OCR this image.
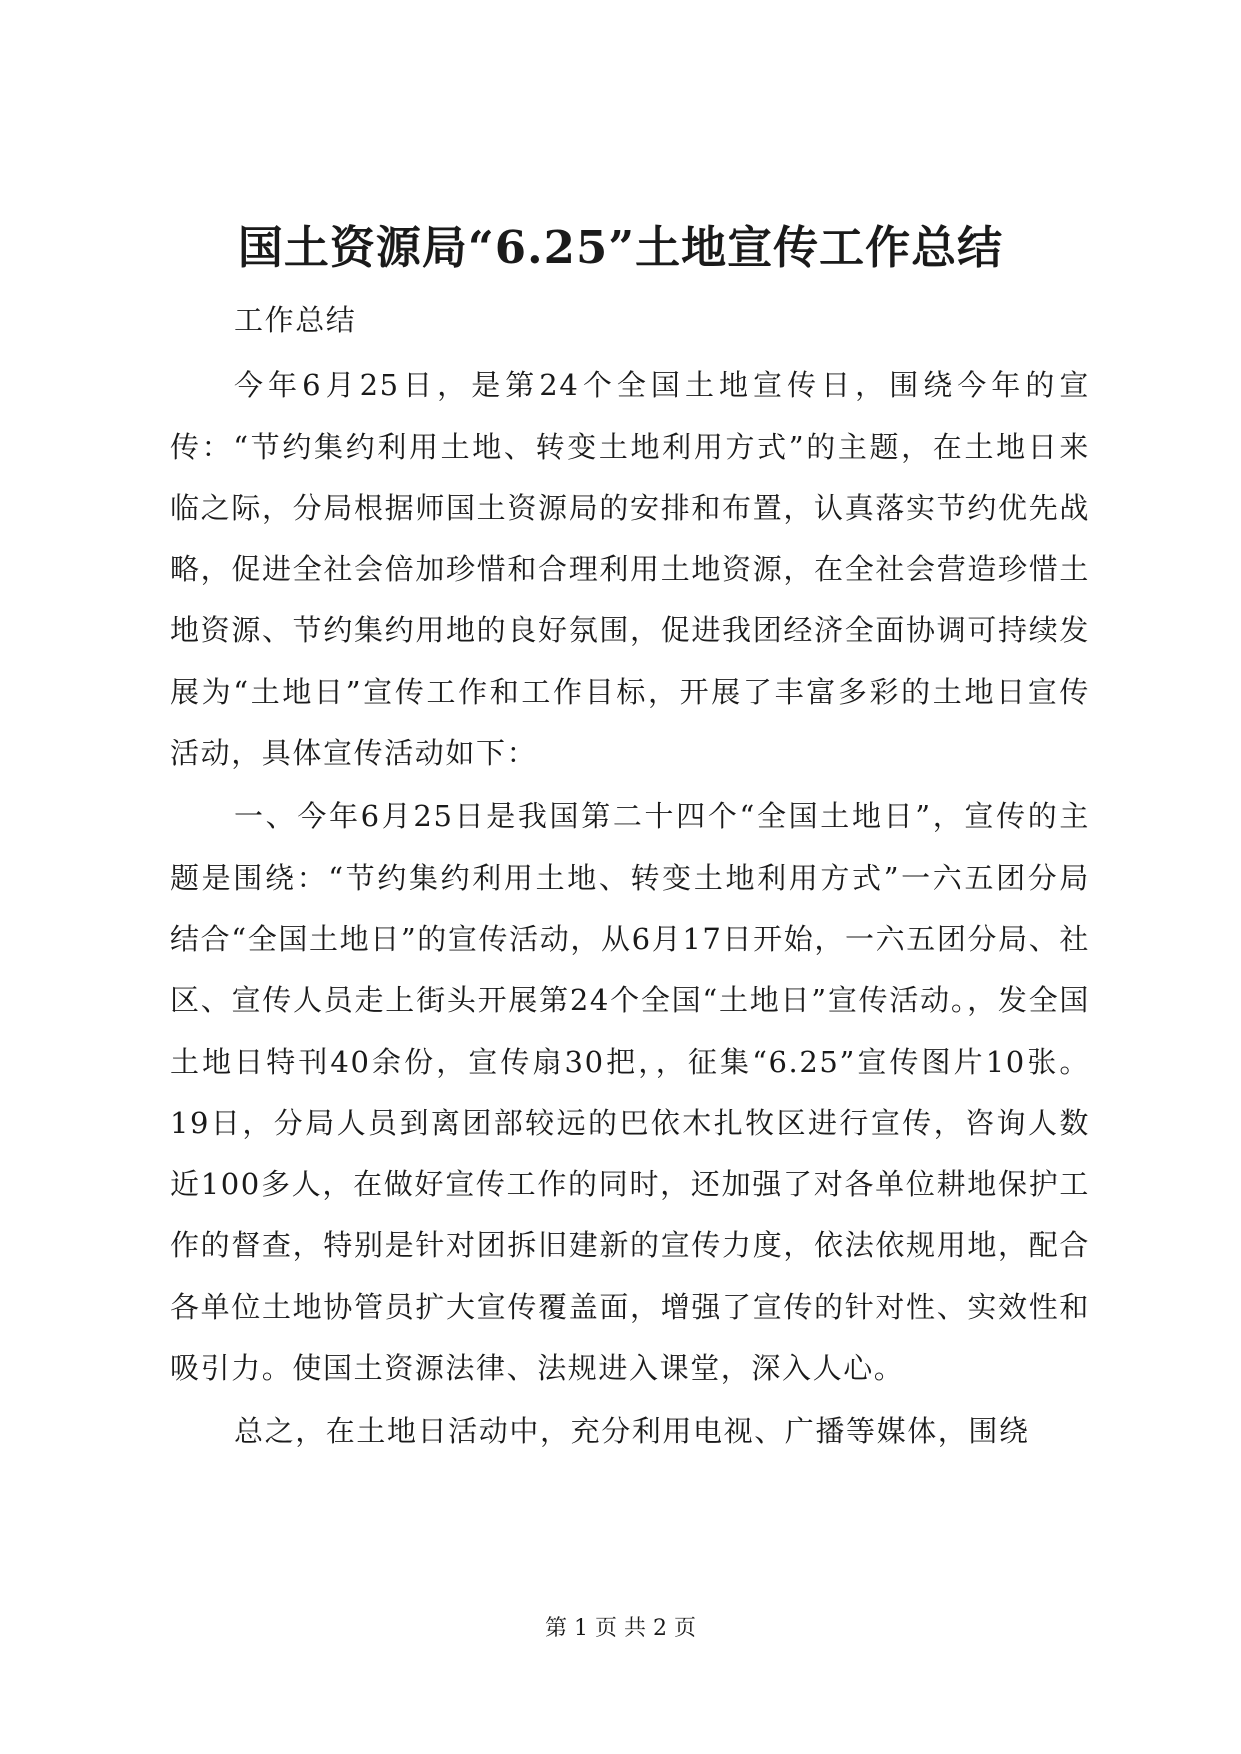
国土资源局“6.25”土地宣传工作总结

工作总结

今年6月25日，是第24个全国土地宣传日，围绕今年的宣传：“节约集约利用土地、转变土地利用方式”的主题，在土地日来临之际，分局根据师国土资源局的安排和布置，认真落实节约优先战略，促进全社会倍加珍惜和合理利用土地资源，在全社会营造珍惜土地资源、节约集约用地的良好氛围，促进我团经济全面协调可持续发展为“土地日”宣传工作和工作目标，开展了丰富多彩的土地日宣传活动，具体宣传活动如下：

一、今年6月25日是我国第二十四个“全国土地日”，宣传的主题是围绕：“节约集约利用土地、转变土地利用方式”一六五团分局结合“全国土地日”的宣传活动，从6月17日开始，一六五团分局、社区、宣传人员走上街头开展第24个全国“土地日”宣传活动。，发全国土地日特刊40余份，宣传扇30把，，征集“6.25”宣传图片10张。19日，分局人员到离团部较远的巴依木扎牧区进行宣传，咨询人数近100多人，在做好宣传工作的同时，还加强了对各单位耕地保护工作的督查，特别是针对团拆旧建新的宣传力度，依法依规用地，配合各单位土地协管员扩大宣传覆盖面，增强了宣传的针对性、实效性和吸引力。使国土资源法律、法规进入课堂，深入人心。

总之，在土地日活动中，充分利用电视、广播等媒体，围绕

第 1 页 共 2 页
